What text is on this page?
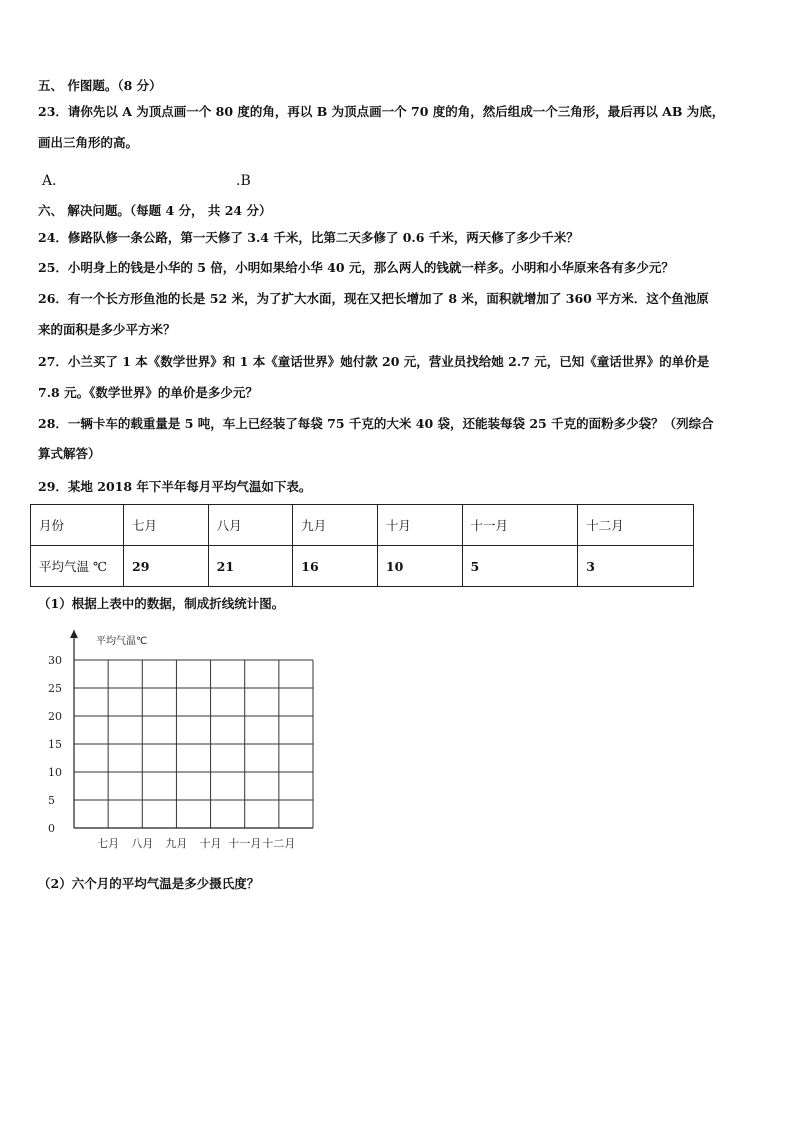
五、 作图题。（8 分）
23．请你先以 A 为顶点画一个 80 度的角，再以 B 为顶点画一个 70 度的角，然后组成一个三角形，最后再以 AB 为底，
画出三角形的高。
A．	.B
六、 解决问题。（每题 4 分， 共 24 分）
24．修路队修一条公路，第一天修了 3.4 千米，比第二天多修了 0.6 千米，两天修了多少千米？
25．小明身上的钱是小华的 5 倍，小明如果给小华 40 元，那么两人的钱就一样多。小明和小华原来各有多少元？
26．有一个长方形鱼池的长是 52 米，为了扩大水面，现在又把长增加了 8 米，面积就增加了 360 平方米．这个鱼池原
来的面积是多少平方米？
27．小兰买了 1 本《数学世界》和 1 本《童话世界》她付款 20 元，营业员找给她 2.7 元，已知《童话世界》的单价是
7.8 元。《数学世界》的单价是多少元？
28．一辆卡车的载重量是 5 吨，车上已经装了每袋 75 千克的大米 40 袋，还能装每袋 25 千克的面粉多少袋？（列综合
算式解答）
29．某地 2018 年下半年每月平均气温如下表。
月份	七月	八月	九月	十月	十一月	十二月
平均气温 ℃	29	21	16	10	5	3
（1）根据上表中的数据，制成折线统计图。
平均气温℃
0
5
10
15
20
25
30
七月 八月 九月 十月 十一月 十二月
（2）六个月的平均气温是多少摄氏度？
